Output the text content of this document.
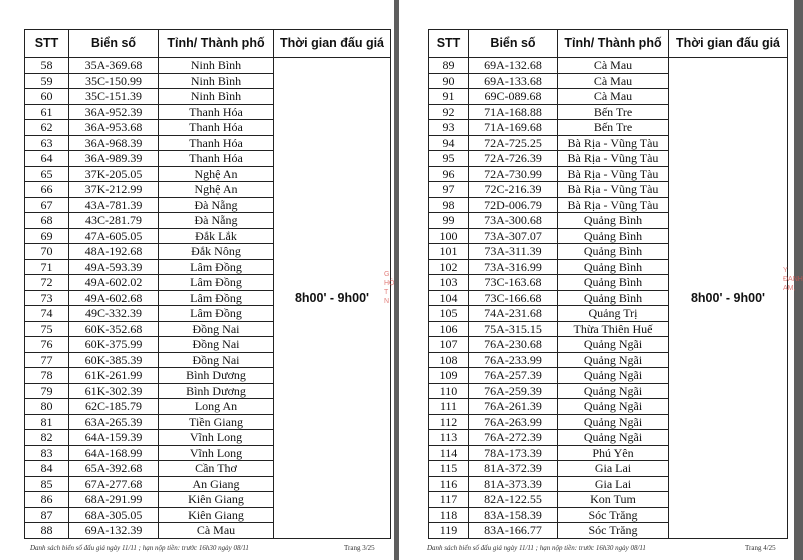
STT	Biển số	Tỉnh/ Thành phố	Thời gian đấu giá
58	35A-369.68	Ninh Bình	8h00' - 9h00'
59	35C-150.99	Ninh Bình	
60	35C-151.39	Ninh Bình	
61	36A-952.39	Thanh Hóa	
62	36A-953.68	Thanh Hóa	
63	36A-968.39	Thanh Hóa	
64	36A-989.39	Thanh Hóa	
65	37K-205.05	Nghệ An	
66	37K-212.99	Nghệ An	
67	43A-781.39	Đà Nẵng	
68	43C-281.79	Đà Nẵng	
69	47A-605.05	Đắk Lắk	
70	48A-192.68	Đắk Nông	
71	49A-593.39	Lâm Đồng	
72	49A-602.02	Lâm Đồng	
73	49A-602.68	Lâm Đồng	
74	49C-332.39	Lâm Đồng	
75	60K-352.68	Đồng Nai	
76	60K-375.99	Đồng Nai	
77	60K-385.39	Đồng Nai	
78	61K-261.99	Bình Dương	
79	61K-302.39	Bình Dương	
80	62C-185.79	Long An	
81	63A-265.39	Tiền Giang	
82	64A-159.39	Vĩnh Long	
83	64A-168.99	Vĩnh Long	
84	65A-392.68	Cần Thơ	
85	67A-277.68	An Giang	
86	68A-291.99	Kiên Giang	
87	68A-305.05	Kiên Giang	
88	69A-132.39	Cà Mau	
G
HỘ
T N
Danh sách biển số đấu giá ngày 11/11 ; hạn nộp tiền: trước 16h30 ngày 08/11	Trang 3/25
STT	Biển số	Tỉnh/ Thành phố	Thời gian đấu giá
89	69A-132.68	Cà Mau	8h00' - 9h00'
90	69A-133.68	Cà Mau	
91	69C-089.68	Cà Mau	
92	71A-168.88	Bến Tre	
93	71A-169.68	Bến Tre	
94	72A-725.25	Bà Rịa - Vũng Tàu	
95	72A-726.39	Bà Rịa - Vũng Tàu	
96	72A-730.99	Bà Rịa - Vũng Tàu	
97	72C-216.39	Bà Rịa - Vũng Tàu	
98	72D-006.79	Bà Rịa - Vũng Tàu	
99	73A-300.68	Quảng Bình	
100	73A-307.07	Quảng Bình	
101	73A-311.39	Quảng Bình	
102	73A-316.99	Quảng Bình	
103	73C-163.68	Quảng Bình	
104	73C-166.68	Quảng Bình	
105	74A-231.68	Quảng Trị	
106	75A-315.15	Thừa Thiên Huế	
107	76A-230.68	Quảng Ngãi	
108	76A-233.99	Quảng Ngãi	
109	76A-257.39	Quảng Ngãi	
110	76A-259.39	Quảng Ngãi	
111	76A-261.39	Quảng Ngãi	
112	76A-263.99	Quảng Ngãi	
113	76A-272.39	Quảng Ngãi	
114	78A-173.39	Phú Yên	
115	81A-372.39	Gia Lai	
116	81A-373.39	Gia Lai	
117	82A-122.55	Kon Tum	
118	83A-158.39	Sóc Trăng	
119	83A-166.77	Sóc Trăng	
Y
ĐANH
AM,
Danh sách biển số đấu giá ngày 11/11 ; hạn nộp tiền: trước 16h30 ngày 08/11	Trang 4/25
